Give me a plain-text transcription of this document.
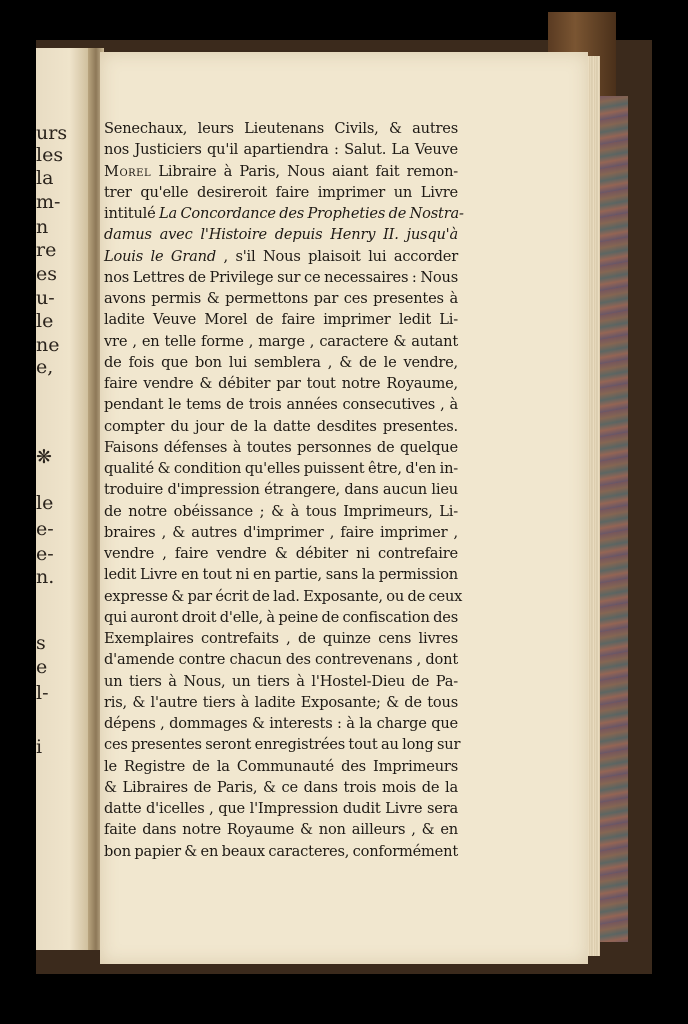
urs
les
la
m-
n
re
es
u-
le
ne
e,
❋
le
e-
e-
n.
s
e
l-
i
Senechaux, leurs Lieutenans Civils, & autres
nos Justiciers qu'il apartiendra : Salut. La Veuve
Morel Libraire à Paris, Nous aiant fait remon-
trer qu'elle desireroit faire imprimer un Livre
intitulé La Concordance des Propheties de Nostra-
damus avec l'Histoire depuis Henry II. jusqu'à
Louis le Grand , s'il Nous plaisoit lui accorder
nos Lettres de Privilege sur ce necessaires : Nous
avons permis & permettons par ces presentes à
ladite Veuve Morel de faire imprimer ledit Li-
vre , en telle forme , marge , caractere & autant
de fois que bon lui semblera , & de le vendre,
faire vendre & débiter par tout notre Royaume,
pendant le tems de trois années consecutives , à
compter du jour de la datte desdites presentes.
Faisons défenses à toutes personnes de quelque
qualité & condition qu'elles puissent être, d'en in-
troduire d'impression étrangere, dans aucun lieu
de notre obéissance ; & à tous Imprimeurs, Li-
braires , & autres d'imprimer , faire imprimer ,
vendre , faire vendre & débiter ni contrefaire
ledit Livre en tout ni en partie, sans la permission
expresse & par écrit de lad. Exposante, ou de ceux
qui auront droit d'elle, à peine de confiscation des
Exemplaires contrefaits , de quinze cens livres
d'amende contre chacun des contrevenans , dont
un tiers à Nous, un tiers à l'Hostel-Dieu de Pa-
ris, & l'autre tiers à ladite Exposante; & de tous
dépens , dommages & interests : à la charge que
ces presentes seront enregistrées tout au long sur
le Registre de la Communauté des Imprimeurs
& Libraires de Paris, & ce dans trois mois de la
datte d'icelles , que l'Impression dudit Livre sera
faite dans notre Royaume & non ailleurs , & en
bon papier & en beaux caracteres, conformément
